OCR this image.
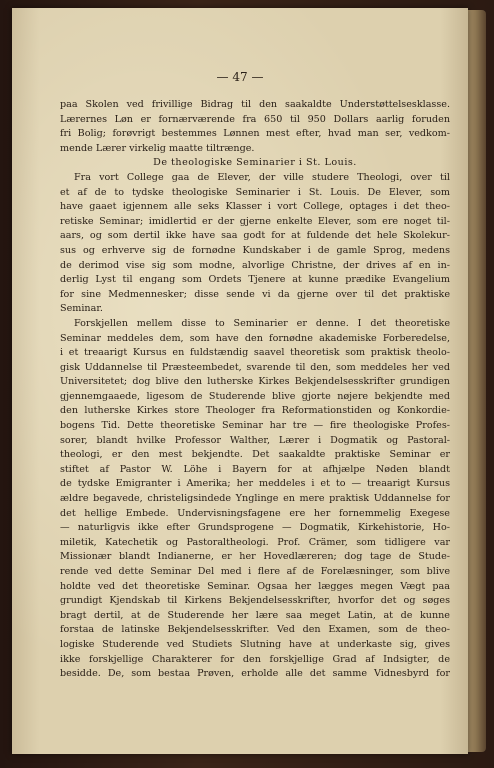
— 47 —
paa Skolen ved frivillige Bidrag til den saakaldte Understøttelsesklasse.
Lærernes Løn er fornærværende fra 650 til 950 Dollars aarlig foruden
fri Bolig; forøvrigt bestemmes Lønnen mest efter, hvad man ser, vedkom-
mende Lærer virkelig maatte tiltrænge.
De theologiske Seminarier i St. Louis.
Fra vort College gaa de Elever, der ville studere Theologi, over til
et af de to tydske theologiske Seminarier i St. Louis. De Elever, som
have gaaet igjennem alle seks Klasser i vort College, optages i det theo-
retiske Seminar; imidlertid er der gjerne enkelte Elever, som ere noget til-
aars, og som dertil ikke have saa godt for at fuldende det hele Skolekur-
sus og erhverve sig de fornødne Kundskaber i de gamle Sprog, medens
de derimod vise sig som modne, alvorlige Christne, der drives af en in-
derlig Lyst til engang som Ordets Tjenere at kunne prædike Evangelium
for sine Medmennesker; disse sende vi da gjerne over til det praktiske
Seminar.
Forskjellen mellem disse to Seminarier er denne. I det theoretiske
Seminar meddeles dem, som have den fornødne akademiske Forberedelse,
i et treaarigt Kursus en fuldstændig saavel theoretisk som praktisk theolo-
gisk Uddannelse til Præsteembedet, svarende til den, som meddeles her ved
Universitetet; dog blive den lutherske Kirkes Bekjendelsesskrifter grundigen
gjennemgaaede, ligesom de Studerende blive gjorte nøjere bekjendte med
den lutherske Kirkes store Theologer fra Reformationstiden og Konkordie-
bogens Tid. Dette theoretiske Seminar har tre — fire theologiske Profes-
sorer, blandt hvilke Professor Walther, Lærer i Dogmatik og Pastoral-
theologi, er den mest bekjendte. Det saakaldte praktiske Seminar er
stiftet af Pastor W. Löhe i Bayern for at afhjælpe Nøden blandt
de tydske Emigranter i Amerika; her meddeles i et to — treaarigt Kursus
ældre begavede, christeligsindede Ynglinge en mere praktisk Uddannelse for
det hellige Embede. Undervisningsfagene ere her fornemmelig Exegese
— naturligvis ikke efter Grundsprogene — Dogmatik, Kirkehistorie, Ho-
miletik, Katechetik og Pastoraltheologi. Prof. Crämer, som tidligere var
Missionær blandt Indianerne, er her Hovedlæreren; dog tage de Stude-
rende ved dette Seminar Del med i flere af de Forelæsninger, som blive
holdte ved det theoretiske Seminar. Ogsaa her lægges megen Vægt paa
grundigt Kjendskab til Kirkens Bekjendelsesskrifter, hvorfor det og søges
bragt dertil, at de Studerende her lære saa meget Latin, at de kunne
forstaa de latinske Bekjendelsesskrifter. Ved den Examen, som de theo-
logiske Studerende ved Studiets Slutning have at underkaste sig, gives
ikke forskjellige Charakterer for den forskjellige Grad af Indsigter, de
besidde. De, som bestaa Prøven, erholde alle det samme Vidnesbyrd for
